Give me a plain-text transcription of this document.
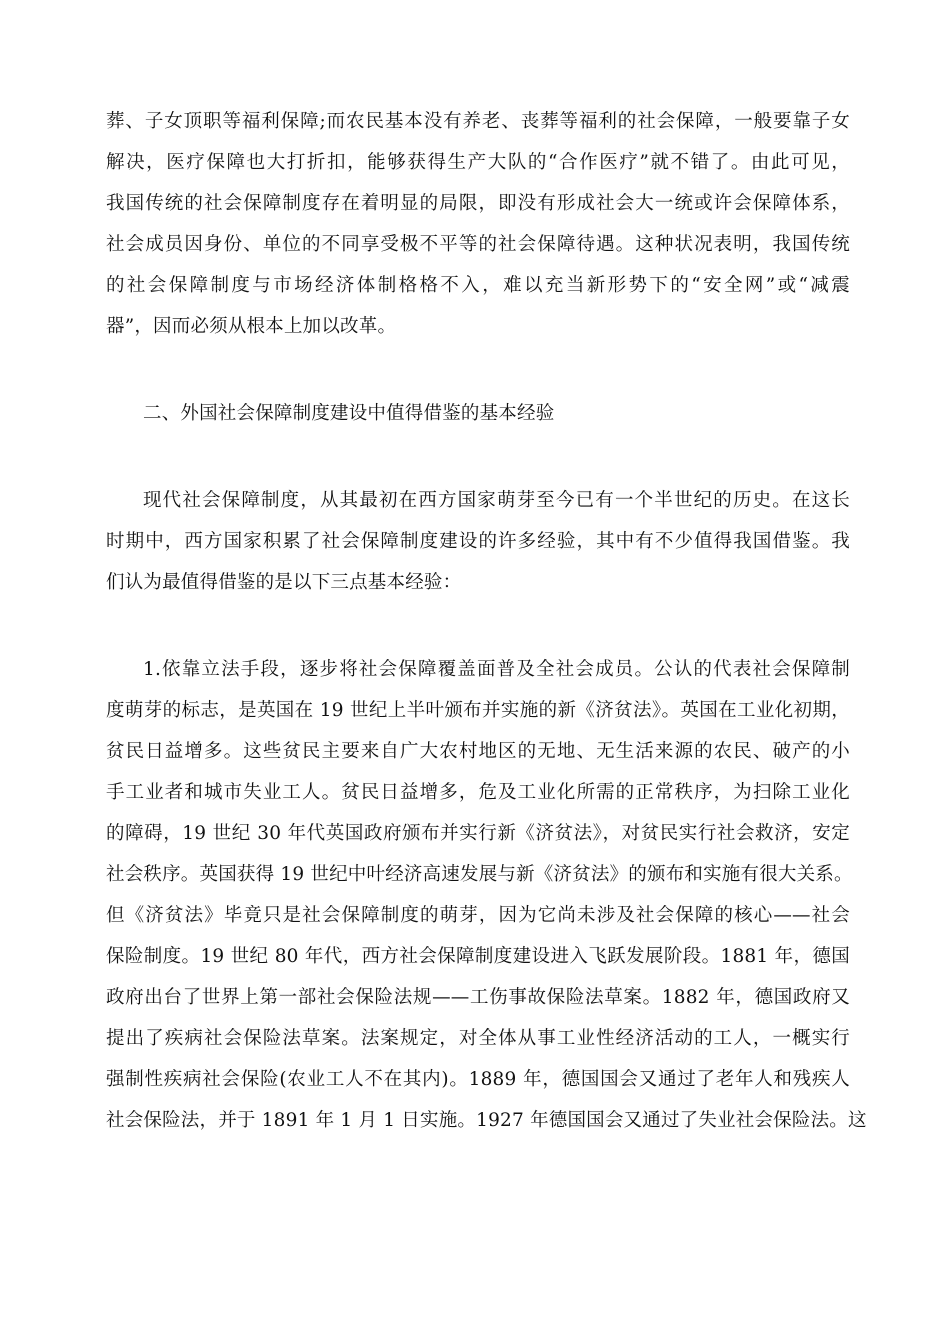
葬、子女顶职等福利保障;而农民基本没有养老、丧葬等福利的社会保障，一般要靠子女
解决，医疗保障也大打折扣，能够获得生产大队的“合作医疗”就不错了。由此可见，
我国传统的社会保障制度存在着明显的局限，即没有形成社会大一统或许会保障体系，
社会成员因身份、单位的不同享受极不平等的社会保障待遇。这种状况表明，我国传统
的社会保障制度与市场经济体制格格不入，难以充当新形势下的“安全网”或“减震
器”，因而必须从根本上加以改革。
二、外国社会保障制度建设中值得借鉴的基本经验
现代社会保障制度，从其最初在西方国家萌芽至今已有一个半世纪的历史。在这长
时期中，西方国家积累了社会保障制度建设的许多经验，其中有不少值得我国借鉴。我
们认为最值得借鉴的是以下三点基本经验：
1.依靠立法手段，逐步将社会保障覆盖面普及全社会成员。公认的代表社会保障制
度萌芽的标志，是英国在 19 世纪上半叶颁布并实施的新《济贫法》。英国在工业化初期，
贫民日益增多。这些贫民主要来自广大农村地区的无地、无生活来源的农民、破产的小
手工业者和城市失业工人。贫民日益增多，危及工业化所需的正常秩序，为扫除工业化
的障碍，19 世纪 30 年代英国政府颁布并实行新《济贫法》，对贫民实行社会救济，安定
社会秩序。英国获得 19 世纪中叶经济高速发展与新《济贫法》的颁布和实施有很大关系。
但《济贫法》毕竟只是社会保障制度的萌芽，因为它尚未涉及社会保障的核心——社会
保险制度。19 世纪 80 年代，西方社会保障制度建设进入飞跃发展阶段。1881 年，德国
政府出台了世界上第一部社会保险法规——工伤事故保险法草案。1882 年，德国政府又
提出了疾病社会保险法草案。法案规定，对全体从事工业性经济活动的工人，一概实行
强制性疾病社会保险(农业工人不在其内)。1889 年，德国国会又通过了老年人和残疾人
社会保险法，并于 1891 年 1 月 1 日实施。1927 年德国国会又通过了失业社会保险法。这
